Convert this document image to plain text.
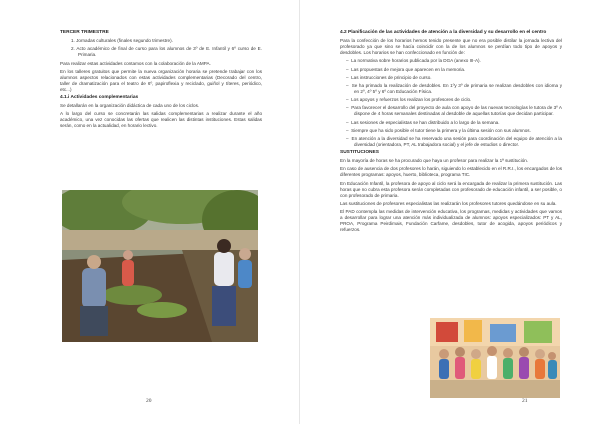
TERCER TRIMESTRE

1. Jornadas culturales (finales segundo trimestre).

2. Acto académico de final de curso para los alumnos de 3º de E. Infantil y 6º curso de E. Primaria.

Para realizar estas actividades contamos con la colaboración de la AMPA.

En los talleres gratuitos que permite la nueva organización horaria se pretende trabajar con los alumnos aspectos relacionados con estas actividades complementarias (Decorado del centro, taller de dramatización para el teatro de 6º, papiroflexia y reciclado, guiñol y títeres, periódico, etc...)

4.1.i Actividades complementarias

Se detallarán en la organización didáctica de cada uno de los ciclos.

A lo largo del curso se concretarán las salidas complementarias a realizar durante el año académico, una vez conocidas las ofertas que realicen las distintas instituciones. Estas salidas serán, como en la actualidad, en horario lectivo.

20

4.2 Planificación de las actividades de atención a la diversidad y su desarrollo en el centro

Para la confección de los horarios hemos tenido presente que no era posible distilar la jornada lectiva del profesorado ya que sino se hacía coincidir con la de los alumnos se perdían todo tipo de apoyos y desdobles. Los horarios se han confeccionado en función de:

–  La normativa sobre horarios publicada por la DGA (anexo III-A).

–  Las propuestas de mejora que aparecen en la memoria.

–  Las instrucciones de principio de curso.

–  Se ha primado la realización de desdobles. En 1ºy 3º de primaria se realizan desdobles con idioma y en 2º, 4º 5º y 6º con Educación Física.

–  Los apoyos y refuerzos los realizan los profesores de ciclo.

–  Para favorecer el desarrollo del proyecto de aula con apoyo de las nuevas tecnologías le tutora de 3º A dispone de 4 horas semanales destinadas al desdoble de aquellas tutorías que decidan participar.

–  Las sesiones de especialistas se han distribuido a lo largo de la semana.

–  Siempre que ha sido posible el tutor tiene la primera y la última sesión con sus alumnos.

–  En atención a la diversidad se ha reservado una sesión para coordinación del equipo de atención a la diversidad (orientadora, PT, AL trabajadora social) y el jefe de estudios o director.

SUSTITUCIONES

En la mayoría de horas se ha procurado que haya un profesor para realizar la 1ª sustitución.

En caso de ausencia de dos profesores lo harán, siguiendo lo establecido en el R.R.I., los encargados de los diferentes programas: apoyos, huerto, biblioteca, programa TIC.

En Educación Infantil, la profesora de apoyo al ciclo será la encargada de realizar la primera sustitución. Las horas que no cubra esta profesora serán completadas con profesorado de educación infantil, a ser posible, o con profesorado de primaria.

Las sustituciones de profesores especialistas las realizarán los profesores tutores quedándose en su aula.

El PAD contempla las medidas de intervención educativa, los programas, medidas y actividades que vamos a desarrollar para lograr una atención más individualizada de alumnos: apoyos especializados: PT y AL, PROA, Programa Peirdimais, Fundación Carfame, desdobles, tutor de acogida, apoyos periódicos y refuerzos.

21
